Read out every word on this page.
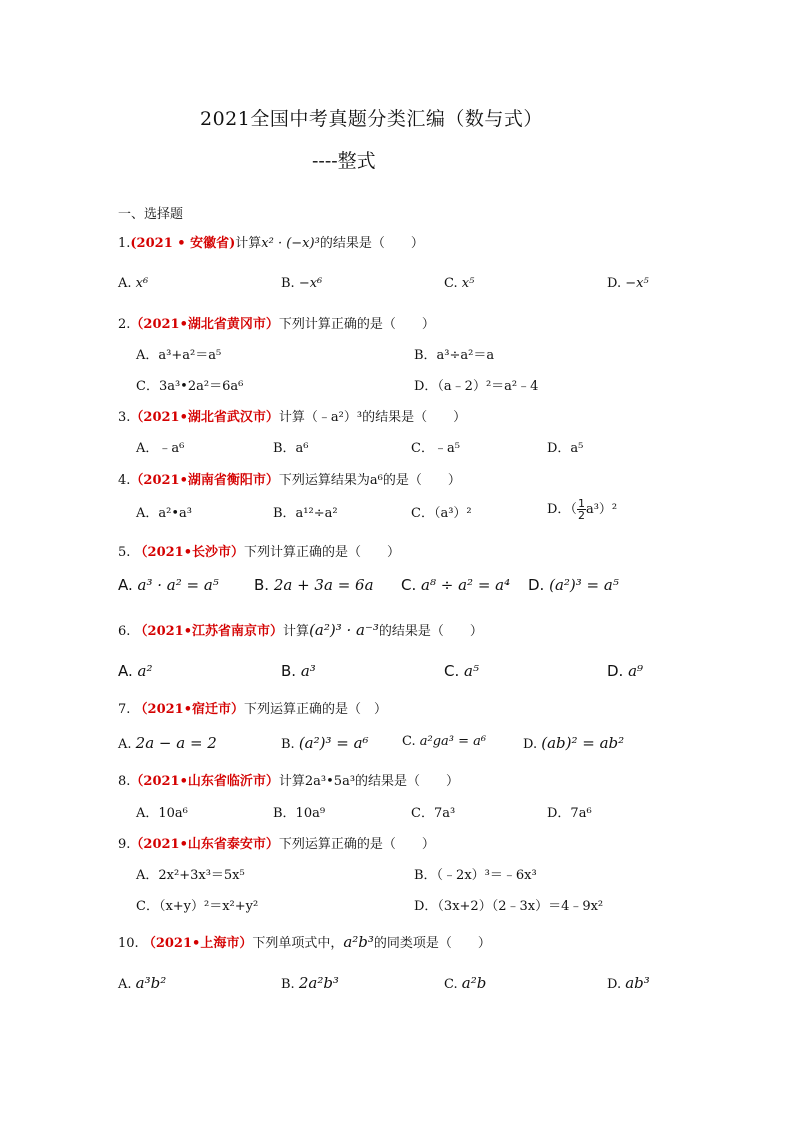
2021全国中考真题分类汇编（数与式）
----整式
一、选择题
1.(2021 • 安徽省)计算x² · (−x)³的结果是（　　）
A. x⁶	B. −x⁶	C. x⁵	D. −x⁵
2.（2021•湖北省黄冈市）下列计算正确的是（　　）
A．a³+a²＝a⁵	B．a³÷a²＝a
C．3a³•2a²＝6a⁶	D．（a﹣2）²＝a²﹣4
3.（2021•湖北省武汉市）计算（﹣a²）³的结果是（　　）
A．﹣a⁶	B．a⁶	C．﹣a⁵	D．a⁵
4.（2021•湖南省衡阳市）下列运算结果为a⁶的是（　　）
A．a²•a³	B．a¹²÷a²	C．（a³）²	D．（ $\frac{1}{2} a^3)^2$
5. （2021•长沙市）下列计算正确的是（　　）
A. a³ · a² = a⁵ B. 2a + 3a = 6a C. a⁸ ÷ a² = a⁴ D. (a²)³ = a⁵
6. （2021•江苏省南京市）计算(a²)³ · a⁻³的结果是（　　）
A. a²	B. a³	C. a⁵	D. a⁹
7. （2021•宿迁市）下列运算正确的是（　）
A. 2a − a = 2	B. (a²)³ = a⁶	C. a²ga³ = a⁶	D. (ab)² = ab²
8.（2021•山东省临沂市）计算2a³•5a³的结果是（　　）
A．10a⁶	B．10a⁹	C．7a³	D．7a⁶
9.（2021•山东省泰安市）下列运算正确的是（　　）
A．2x²+3x³＝5x⁵	B．（﹣2x）³＝﹣6x³
C．（x+y）²＝x²+y²	D．（3x+2）（2﹣3x）＝4﹣9x²
10. （2021•上海市）下列单项式中，a²b³的同类项是（　　）
A. a³b²	B. 2a²b³	C. a²b	D. ab³
